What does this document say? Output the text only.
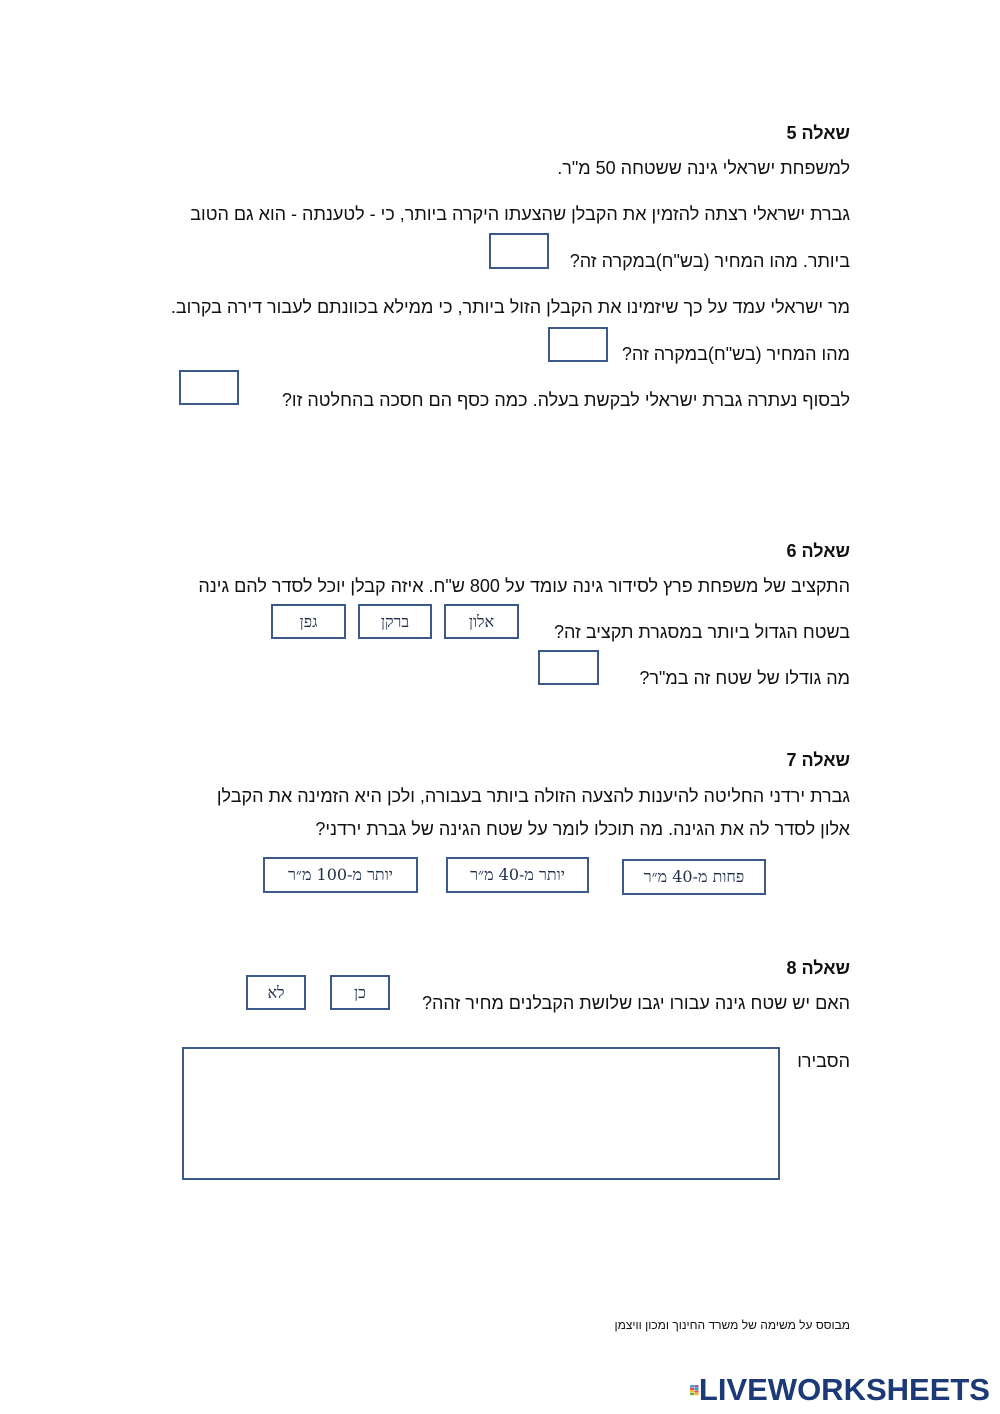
שאלה 5
למשפחת ישראלי גינה ששטחה 50 מ"ר.
גברת ישראלי רצתה להזמין את הקבלן שהצעתו היקרה ביותר, כי - לטענתה - הוא גם הטוב
ביותר. מהו המחיר (בש"ח)במקרה זה?
מר ישראלי עמד על כך שיזמינו את הקבלן הזול ביותר, כי ממילא בכוונתם לעבור דירה בקרוב.
מהו המחיר (בש"ח)במקרה זה?
לבסוף נעתרה גברת ישראלי לבקשת בעלה. כמה כסף הם חסכה בהחלטה זו?
שאלה 6
התקציב של משפחת פרץ לסידור גינה עומד על 800 ש"ח. איזה קבלן יוכל לסדר להם גינה
בשטח הגדול ביותר במסגרת תקציב זה?
אלון
ברקן
גפן
מה גודלו של שטח זה במ"ר?
שאלה 7
גברת ירדני החליטה להיענות להצעה הזולה ביותר בעבורה, ולכן היא הזמינה את הקבלן
אלון לסדר לה את הגינה. מה תוכלו לומר על שטח הגינה של גברת ירדני?
פחות מ-40 מ״ר
יותר מ-40 מ״ר
יותר מ-100 מ״ר
שאלה 8
האם יש שטח גינה עבורו יגבו שלושת הקבלנים מחיר זהה?
כן
לא
הסבירו
מבוסס על משימה של משרד החינוך ומכון וויצמן
LIVEWORKSHEETS
